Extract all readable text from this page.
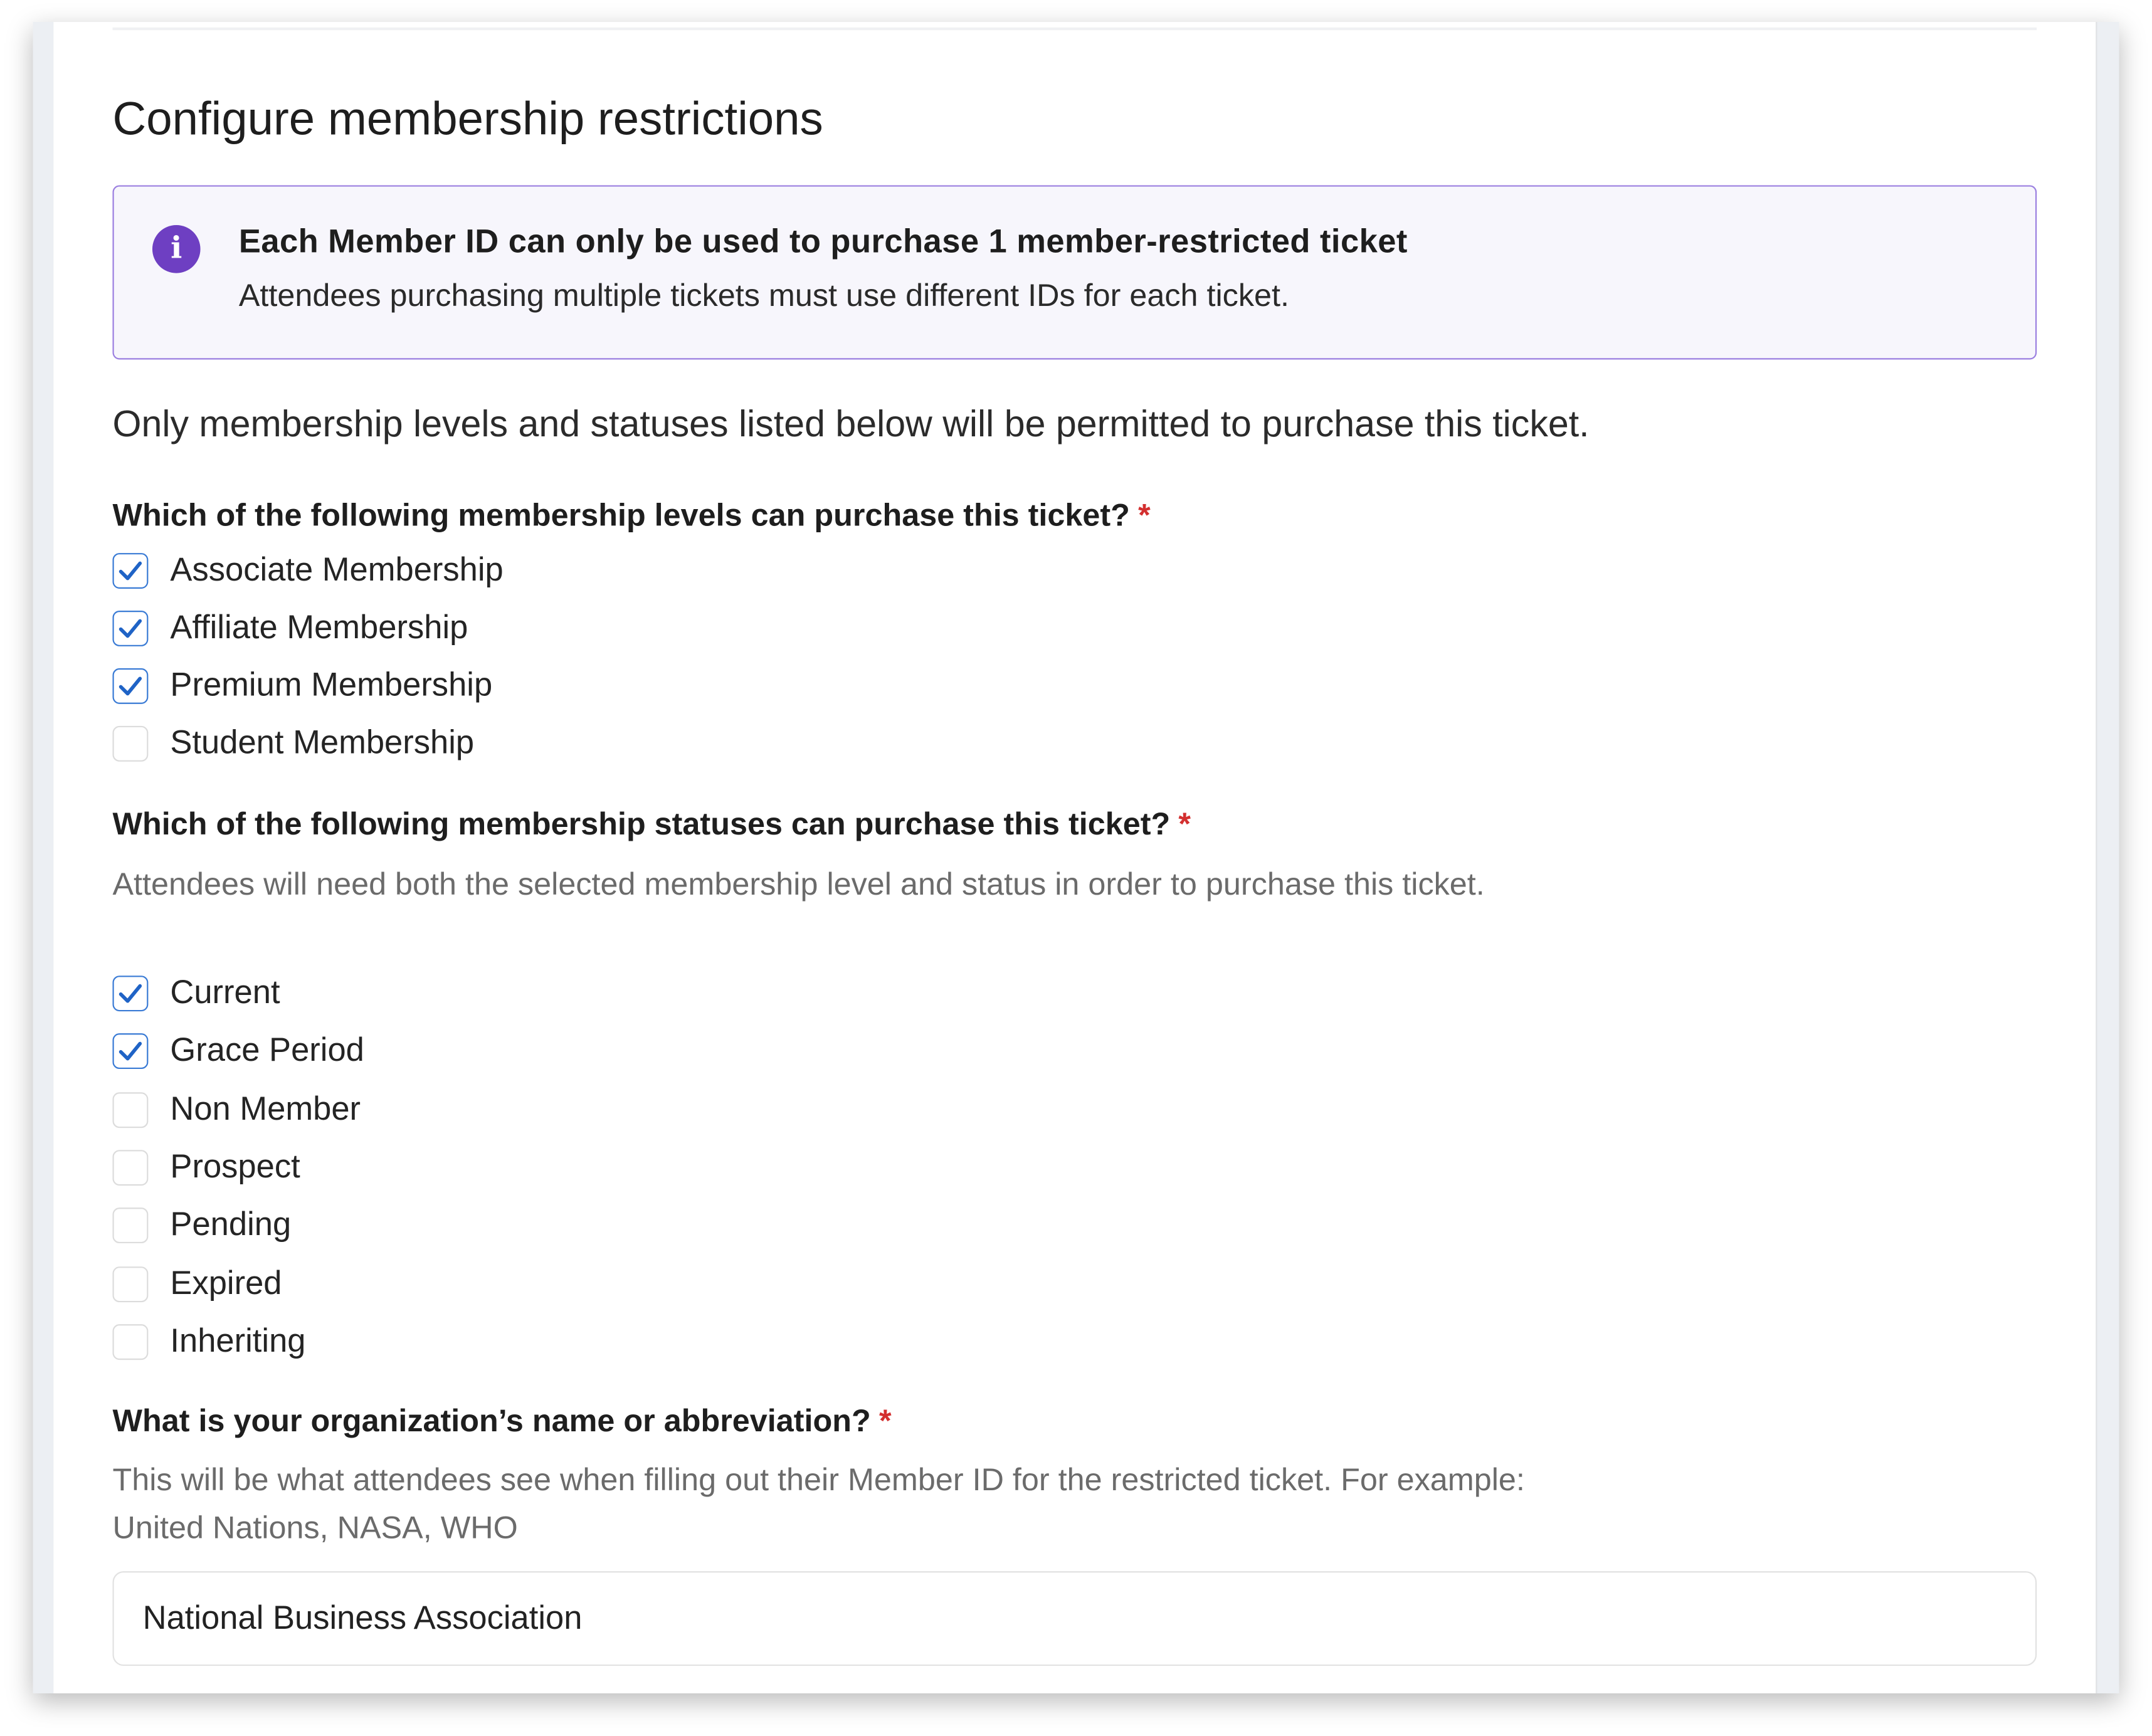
Configure membership restrictions
i	Each Member ID can only be used to purchase 1 member-restricted ticket
Attendees purchasing multiple tickets must use different IDs for each ticket.
Only membership levels and statuses listed below will be permitted to purchase this ticket.
Which of the following membership levels can purchase this ticket? *
Associate Membership
Affiliate Membership
Premium Membership
Student Membership
Which of the following membership statuses can purchase this ticket? *
Attendees will need both the selected membership level and status in order to purchase this ticket.
Current
Grace Period
Non Member
Prospect
Pending
Expired
Inheriting
What is your organization’s name or abbreviation? *
This will be what attendees see when filling out their Member ID for the restricted ticket. For example: United Nations, NASA, WHO
National Business Association
